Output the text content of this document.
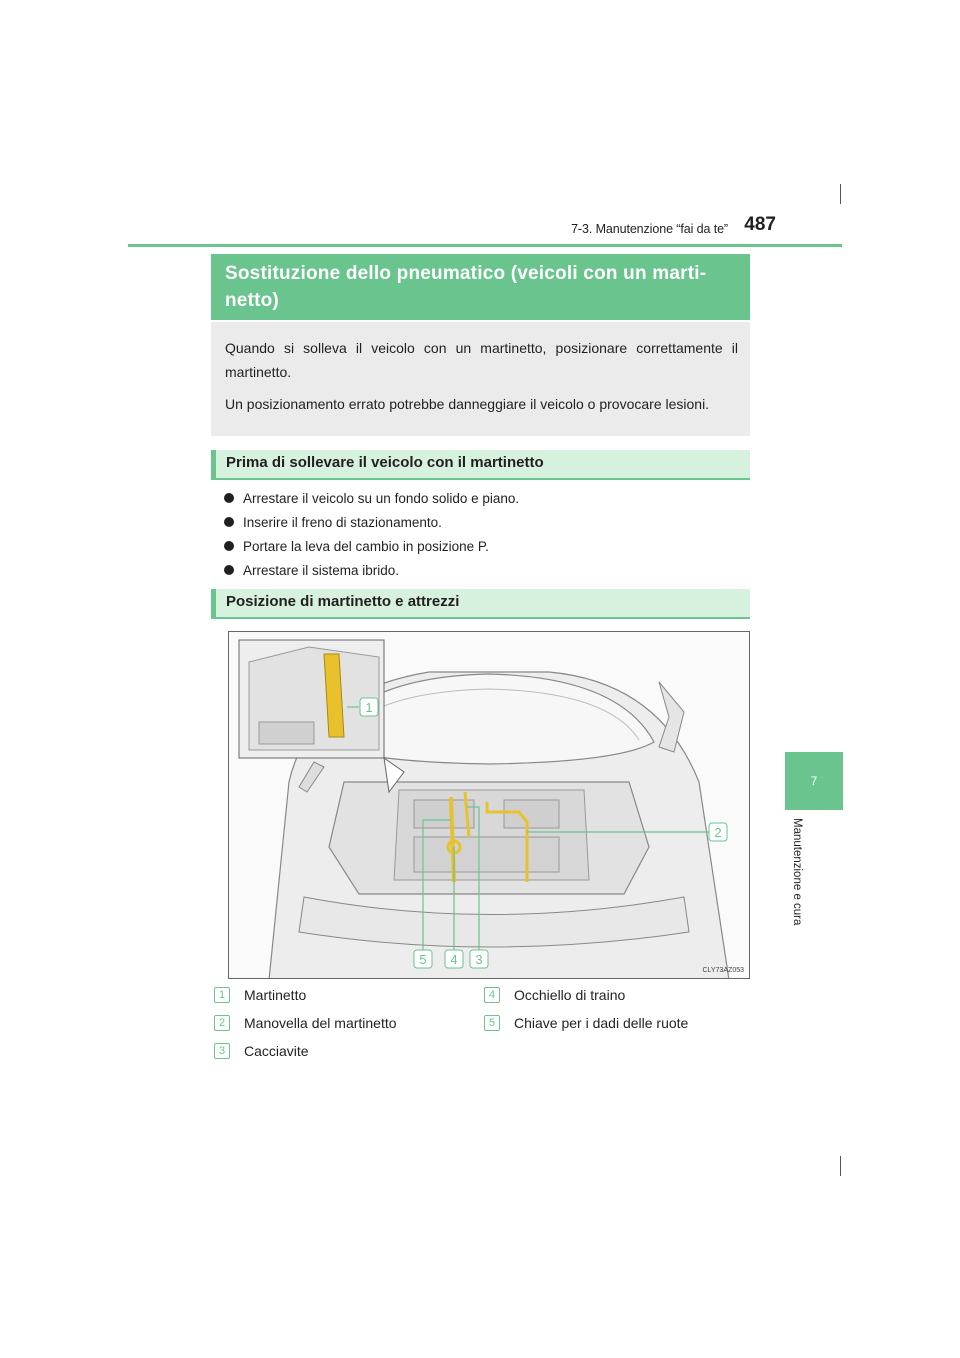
7-3. Manutenzione “fai da te” 487
7
Manutenzione e cura
Sostituzione dello pneumatico (veicoli con un marti-
netto)

Quando si solleva il veicolo con un martinetto, posizionare correttamente il martinetto.

Un posizionamento errato potrebbe danneggiare il veicolo o provocare lesioni.

Prima di sollevare il veicolo con il martinetto
Arrestare il veicolo su un fondo solido e piano.
Inserire il freno di stazionamento.
Portare la leva del cambio in posizione P.
Arrestare il sistema ibrido.
Posizione di martinetto e attrezzi
1
2
3
4
5
CLY73AZ053
1	Martinetto
2	Manovella del martinetto
3	Cacciavite
4	Occhiello di traino
5	Chiave per i dadi delle ruote
